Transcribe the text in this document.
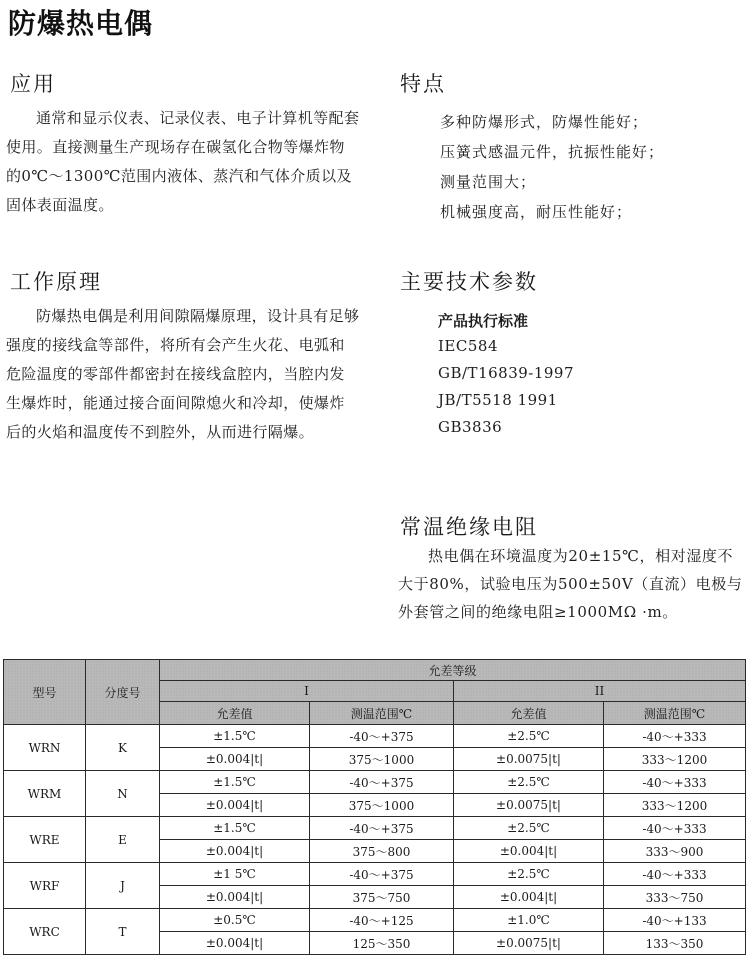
防爆热电偶
应用

通常和显示仪表、记录仪表、电子计算机等配套使用。直接测量生产现场存在碳氢化合物等爆炸物的0℃～1300℃范围内液体、蒸汽和气体介质以及固体表面温度。

特点
多种防爆形式，防爆性能好；
压簧式感温元件，抗振性能好；
测量范围大；
机械强度高，耐压性能好；
工作原理

防爆热电偶是利用间隙隔爆原理，设计具有足够强度的接线盒等部件，将所有会产生火花、电弧和危险温度的零部件都密封在接线盒腔内，当腔内发生爆炸时，能通过接合面间隙熄火和冷却，使爆炸后的火焰和温度传不到腔外，从而进行隔爆。

主要技术参数
产品执行标准
IEC584
GB/T16839-1997
JB/T5518 1991
GB3836
常温绝缘电阻

热电偶在环境温度为20±15℃，相对湿度不大于80%，试验电压为500±50V（直流）电极与外套管之间的绝缘电阻≥1000MΩ ·m。

型号	分度号	允差等级			
		I		II	
		允差值	测温范围℃	允差值	测温范围℃
WRN	K	±1.5℃	-40～+375	±2.5℃	-40～+333
		±0.004|t|	375～1000	±0.0075|t|	333～1200
WRM	N	±1.5℃	-40～+375	±2.5℃	-40～+333
		±0.004|t|	375～1000	±0.0075|t|	333～1200
WRE	E	±1.5℃	-40～+375	±2.5℃	-40～+333
		±0.004|t|	375～800	±0.004|t|	333～900
WRF	J	±1 5℃	-40～+375	±2.5℃	-40～+333
		±0.004|t|	375～750	±0.004|t|	333～750
WRC	T	±0.5℃	-40～+125	±1.0℃	-40～+133
		±0.004|t|	125～350	±0.0075|t|	133～350
